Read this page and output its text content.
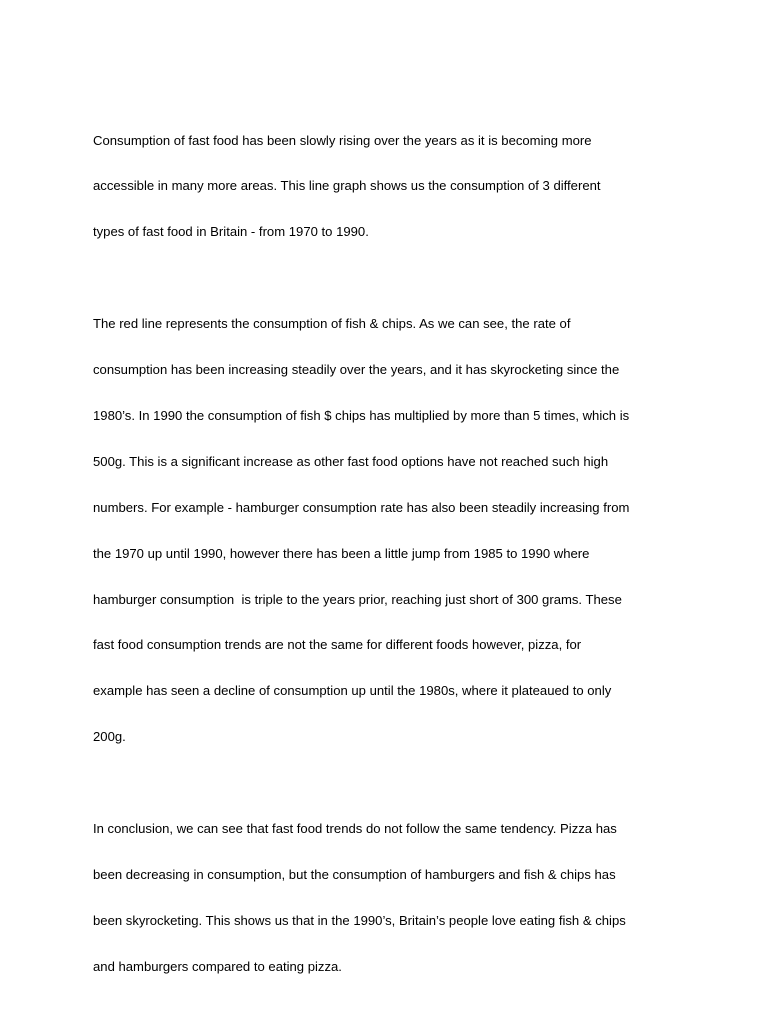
Consumption of fast food has been slowly rising over the years as it is becoming more

accessible in many more areas. This line graph shows us the consumption of 3 different

types of fast food in Britain - from 1970 to 1990.

The red line represents the consumption of fish & chips. As we can see, the rate of

consumption has been increasing steadily over the years, and it has skyrocketing since the

1980’s. In 1990 the consumption of fish $ chips has multiplied by more than 5 times, which is

500g. This is a significant increase as other fast food options have not reached such high

numbers. For example - hamburger consumption rate has also been steadily increasing from

the 1970 up until 1990, however there has been a little jump from 1985 to 1990 where

hamburger consumption  is triple to the years prior, reaching just short of 300 grams. These

fast food consumption trends are not the same for different foods however, pizza, for

example has seen a decline of consumption up until the 1980s, where it plateaued to only

200g.

In conclusion, we can see that fast food trends do not follow the same tendency. Pizza has

been decreasing in consumption, but the consumption of hamburgers and fish & chips has

been skyrocketing. This shows us that in the 1990’s, Britain’s people love eating fish & chips

and hamburgers compared to eating pizza.
